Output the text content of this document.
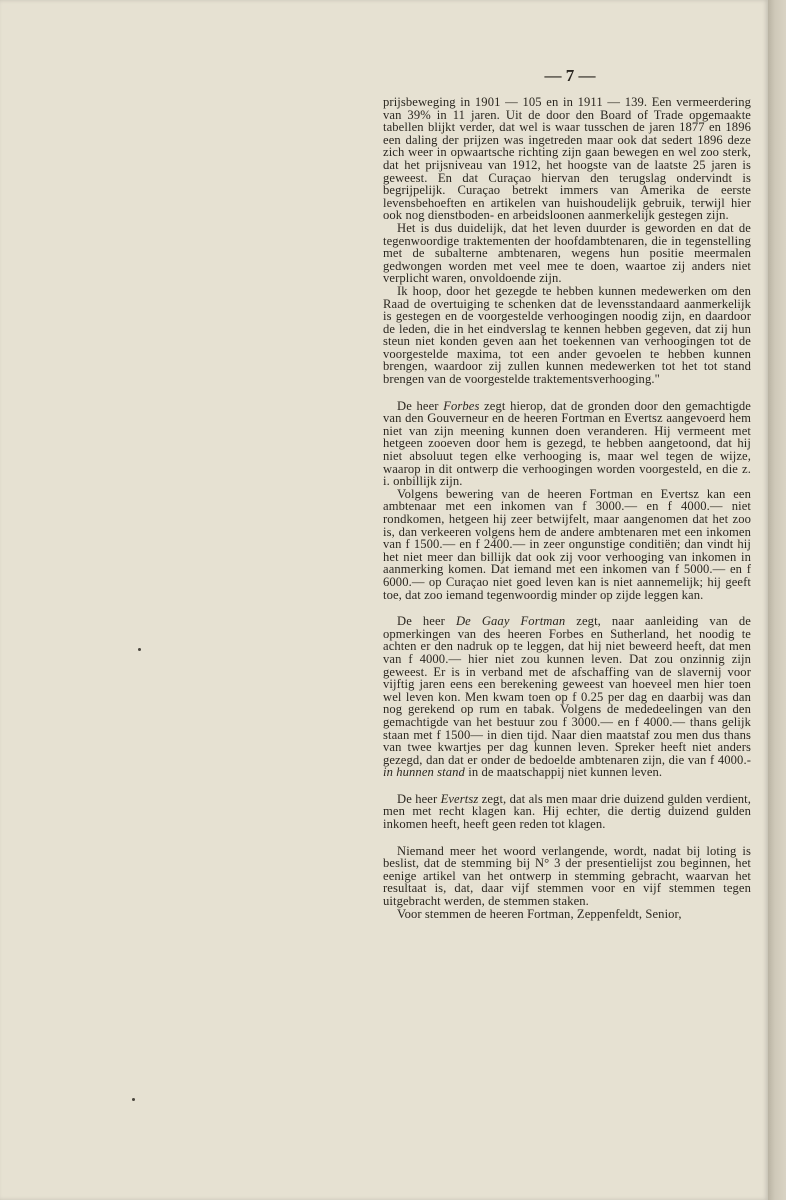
— 7 —

prijsbeweging in 1901 — 105 en in 1911 — 139. Een vermeerdering van 39% in 11 jaren. Uit de door den Board of Trade opgemaakte tabellen blijkt verder, dat wel is waar tusschen de jaren 1877 en 1896 een daling der prijzen was ingetreden maar ook dat sedert 1896 deze zich weer in opwaartsche richting zijn gaan bewegen en wel zoo sterk, dat het prijsniveau van 1912, het hoogste van de laatste 25 jaren is geweest. En dat Curaçao hiervan den terugslag ondervindt is begrijpelijk. Curaçao betrekt immers van Amerika de eerste levensbehoeften en artikelen van huishoudelijk gebruik, terwijl hier ook nog dienstboden- en arbeidsloonen aanmerkelijk gestegen zijn.

Het is dus duidelijk, dat het leven duurder is geworden en dat de tegenwoordige traktementen der hoofdambtenaren, die in tegenstelling met de subalterne ambtenaren, wegens hun positie meermalen gedwongen worden met veel mee te doen, waartoe zij anders niet verplicht waren, onvoldoende zijn.

Ik hoop, door het gezegde te hebben kunnen medewerken om den Raad de overtuiging te schenken dat de levensstandaard aanmerkelijk is gestegen en de voorgestelde verhoogingen noodig zijn, en daardoor de leden, die in het eindverslag te kennen hebben gegeven, dat zij hun steun niet konden geven aan het toekennen van verhoogingen tot de voorgestelde maxima, tot een ander gevoelen te hebben kunnen brengen, waardoor zij zullen kunnen medewerken tot het tot stand brengen van de voorgestelde traktementsverhooging."

De heer Forbes zegt hierop, dat de gronden door den gemachtigde van den Gouverneur en de heeren Fortman en Evertsz aangevoerd hem niet van zijn meening kunnen doen veranderen. Hij vermeent met hetgeen zooeven door hem is gezegd, te hebben aangetoond, dat hij niet absoluut tegen elke verhooging is, maar wel tegen de wijze, waarop in dit ontwerp die verhoogingen worden voorgesteld, en die z. i. onbillijk zijn.

Volgens bewering van de heeren Fortman en Evertsz kan een ambtenaar met een inkomen van f 3000.— en f 4000.— niet rondkomen, hetgeen hij zeer betwijfelt, maar aangenomen dat het zoo is, dan verkeeren volgens hem de andere ambtenaren met een inkomen van f 1500.— en f 2400.— in zeer ongunstige conditiën; dan vindt hij het niet meer dan billijk dat ook zij voor verhooging van inkomen in aanmerking komen. Dat iemand met een inkomen van f 5000.— en f 6000.— op Curaçao niet goed leven kan is niet aannemelijk; hij geeft toe, dat zoo iemand tegenwoordig minder op zijde leggen kan.

De heer De Gaay Fortman zegt, naar aanleiding van de opmerkingen van des heeren Forbes en Sutherland, het noodig te achten er den nadruk op te leggen, dat hij niet beweerd heeft, dat men van f 4000.— hier niet zou kunnen leven. Dat zou onzinnig zijn geweest. Er is in verband met de afschaffing van de slavernij voor vijftig jaren eens een berekening geweest van hoeveel men hier toen wel leven kon. Men kwam toen op f 0.25 per dag en daarbij was dan nog gerekend op rum en tabak. Volgens de mededeelingen van den gemachtigde van het bestuur zou f 3000.— en f 4000.— thans gelijk staan met f 1500— in dien tijd. Naar dien maatstaf zou men dus thans van twee kwartjes per dag kunnen leven. Spreker heeft niet anders gezegd, dan dat er onder de bedoelde ambtenaren zijn, die van f 4000.- in hunnen stand in de maatschappij niet kunnen leven.

De heer Evertsz zegt, dat als men maar drie duizend gulden verdient, men met recht klagen kan. Hij echter, die dertig duizend gulden inkomen heeft, heeft geen reden tot klagen.

Niemand meer het woord verlangende, wordt, nadat bij loting is beslist, dat de stemming bij N° 3 der presentielijst zou beginnen, het eenige artikel van het ontwerp in stemming gebracht, waarvan het resultaat is, dat, daar vijf stemmen voor en vijf stemmen tegen uitgebracht werden, de stemmen staken.

Voor stemmen de heeren Fortman, Zeppenfeldt, Senior,
